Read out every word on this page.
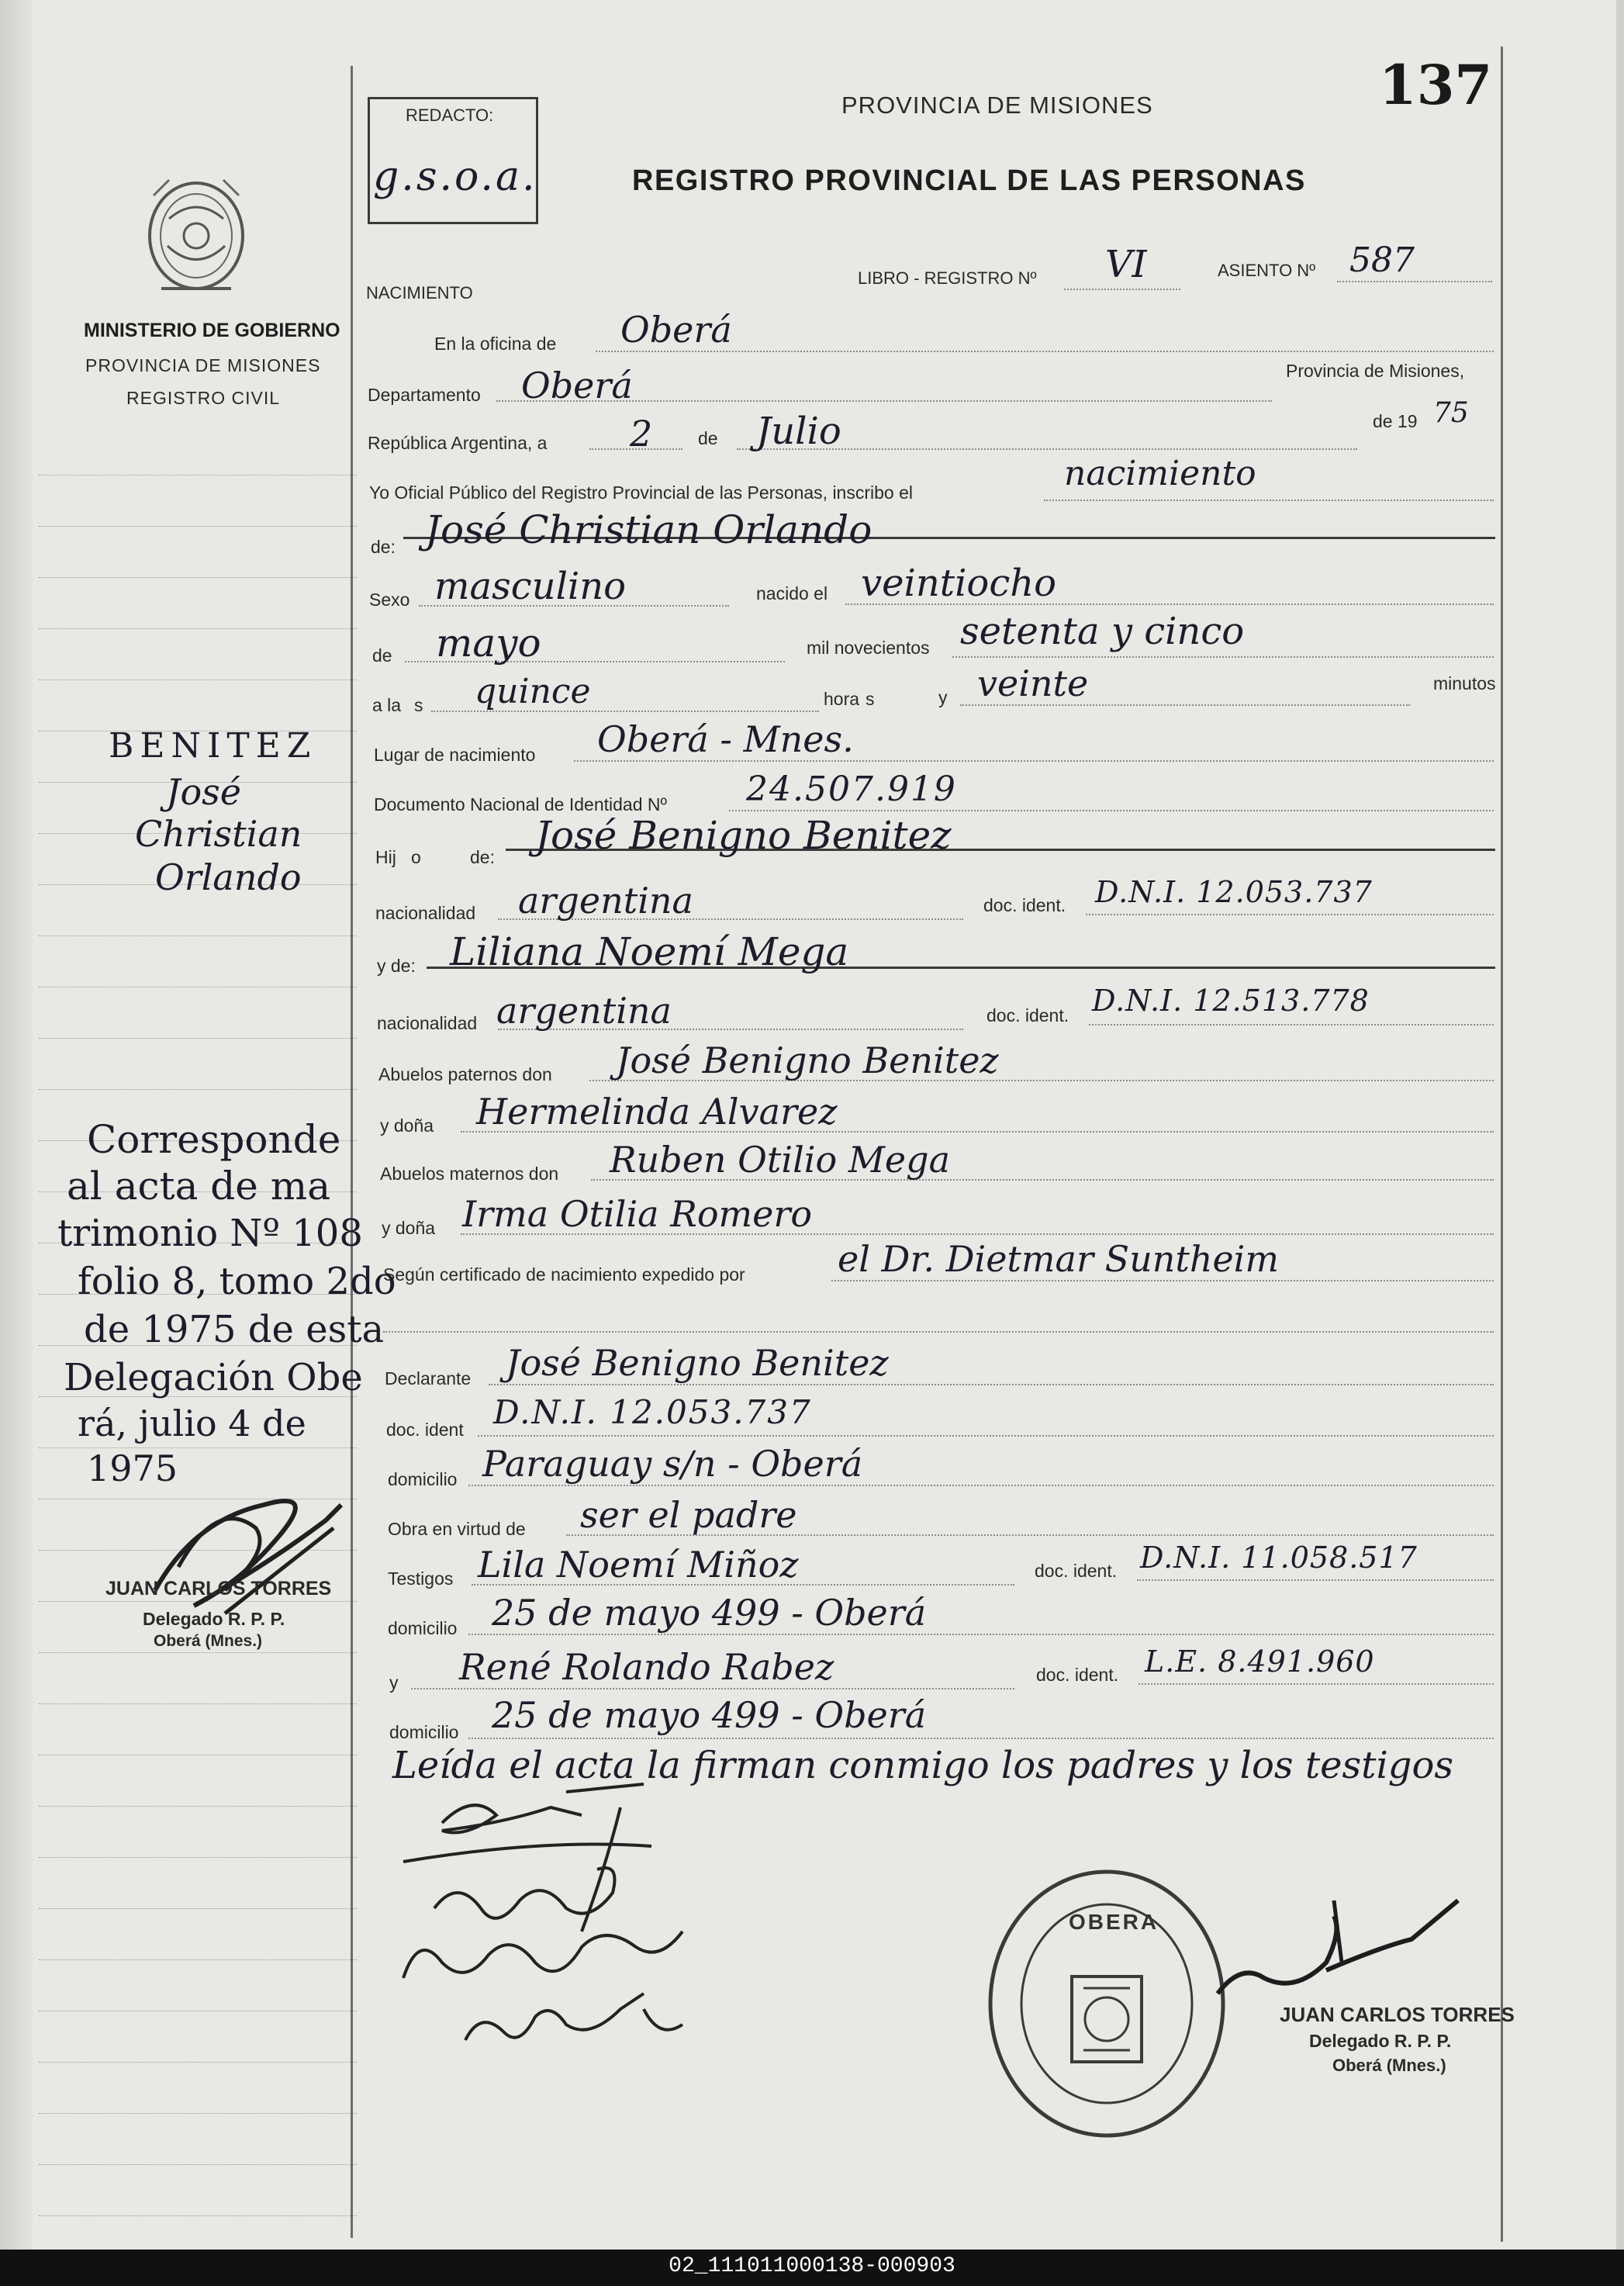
137
MINISTERIO DE GOBIERNO
PROVINCIA DE MISIONES
REGISTRO CIVIL
REDACTO:
g.s.o.a.
PROVINCIA DE MISIONES
REGISTRO PROVINCIAL DE LAS PERSONAS
NACIMIENTO
LIBRO - REGISTRO Nº VI	ASIENTO Nº 587
En la oficina de Oberá
Departamento Oberá	Provincia de Misiones,
República Argentina, a 2	de Julio	de 19 75
Yo Oficial Público del Registro Provincial de las Personas, inscribo el	nacimiento
de: José Christian Orlando
Sexo masculino	nacido el veintiocho
de mayo	mil novecientos setenta y cinco
a la s quince	hora s	y veinte	minutos
Lugar de nacimiento Oberá - Mnes.
Documento Nacional de Identidad Nº 24.507.919
Hij o	de: José Benigno Benitez
nacionalidad argentina	doc. ident. D.N.I. 12.053.737
y de: Liliana Noemí Mega
nacionalidad argentina	doc. ident. D.N.I. 12.513.778
Abuelos paternos don José Benigno Benitez
y doña Hermelinda Alvarez
Abuelos maternos don Ruben Otilio Mega
y doña Irma Otilia Romero
Según certificado de nacimiento expedido por	el Dr. Dietmar Suntheim
Declarante José Benigno Benitez
doc. ident D.N.I. 12.053.737
domicilio Paraguay s/n - Oberá
Obra en virtud de ser el padre
Testigos Lila Noemí Miñoz	doc. ident. D.N.I. 11.058.517
domicilio 25 de mayo 499 - Oberá
y René Rolando Rabez	doc. ident. L.E. 8.491.960
domicilio 25 de mayo 499 - Oberá
Leída el acta la firman conmigo los padres y los testigos
BENITEZ
José
Christian
Orlando
Corresponde
al acta de ma
trimonio Nº 108
folio 8, tomo 2do
de 1975 de esta
Delegación Obe
rá, julio 4 de
1975
JUAN CARLOS TORRES
Delegado R. P. P.
Oberá (Mnes.)
OBERA
JUAN CARLOS TORRES
Delegado R. P. P.
Oberá (Mnes.)
02_111011000138-000903
